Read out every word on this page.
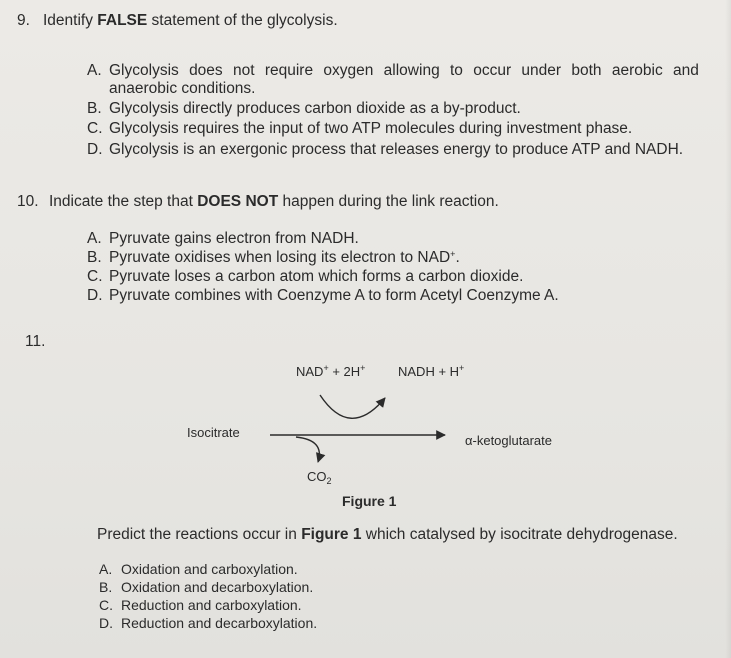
9. Identify FALSE statement of the glycolysis.
A. Glycolysis does not require oxygen allowing to occur under both aerobic and
anaerobic conditions.
B. Glycolysis directly produces carbon dioxide as a by-product.
C. Glycolysis requires the input of two ATP molecules during investment phase.
D. Glycolysis is an exergonic process that releases energy to produce ATP and NADH.
10. Indicate the step that DOES NOT happen during the link reaction.
A. Pyruvate gains electron from NADH.
B. Pyruvate oxidises when losing its electron to NAD+.
C. Pyruvate loses a carbon atom which forms a carbon dioxide.
D. Pyruvate combines with Coenzyme A to form Acetyl Coenzyme A.
11.
NAD+ + 2H+	NADH + H+
Isocitrate
α-ketoglutarate
$CO_2$
Figure 1
Predict the reactions occur in Figure 1 which catalysed by isocitrate dehydrogenase.
A. Oxidation and carboxylation.
B. Oxidation and decarboxylation.
C. Reduction and carboxylation.
D. Reduction and decarboxylation.
